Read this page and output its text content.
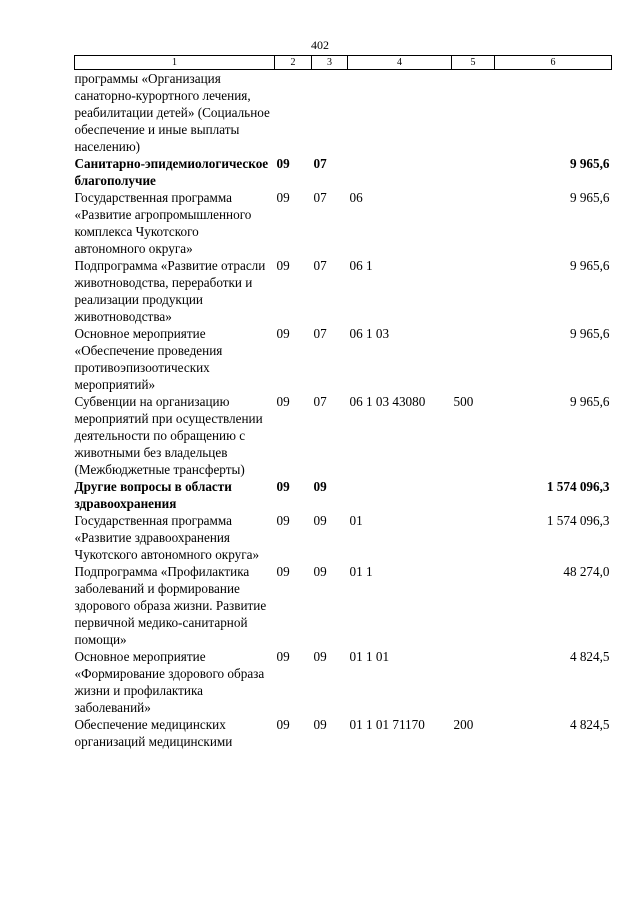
402
1	2	3	4	5	6
программы «Организация санаторно-курортного лечения, реабилитации детей» (Социальное обеспечение и иные выплаты населению)					
Санитарно-эпидемиологическое благополучие	09	07			9 965,6
Государственная программа «Развитие агропромышленного комплекса Чукотского автономного округа»	09	07	06		9 965,6
Подпрограмма «Развитие отрасли животноводства, переработки и реализации продукции животноводства»	09	07	06 1		9 965,6
Основное мероприятие «Обеспечение проведения противоэпизоотических мероприятий»	09	07	06 1 03		9 965,6
Субвенции на организацию мероприятий при осуществлении деятельности по обращению с животными без владельцев (Межбюджетные трансферты)	09	07	06 1 03 43080	500	9 965,6
Другие вопросы в области здравоохранения	09	09			1 574 096,3
Государственная программа «Развитие здравоохранения Чукотского автономного округа»	09	09	01		1 574 096,3
Подпрограмма «Профилактика заболеваний и формирование здорового образа жизни. Развитие первичной медико-санитарной помощи»	09	09	01 1		48 274,0
Основное мероприятие «Формирование здорового образа жизни и профилактика заболеваний»	09	09	01 1 01		4 824,5
Обеспечение медицинских организаций медицинскими	09	09	01 1 01 71170	200	4 824,5
